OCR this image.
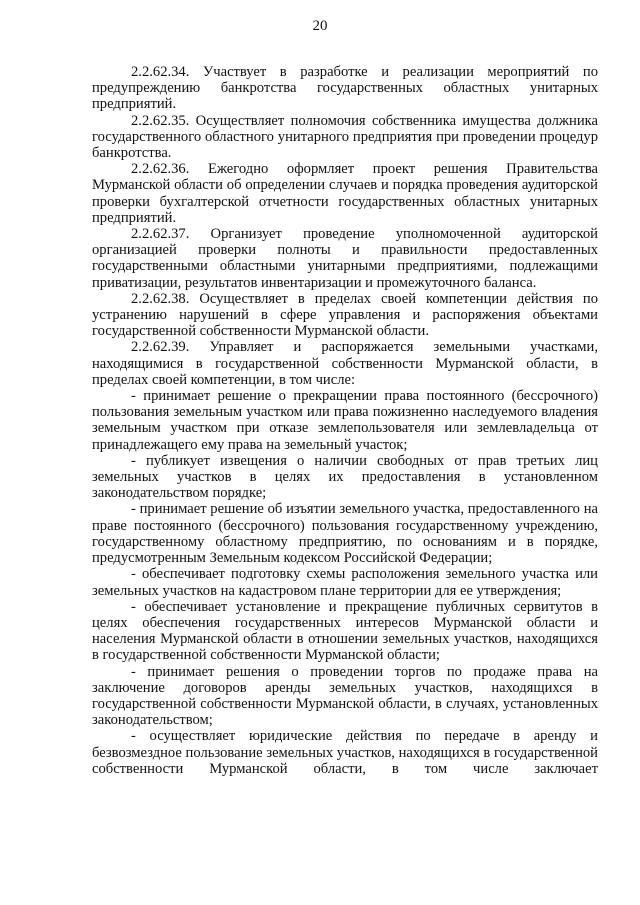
20

2.2.62.34. Участвует в разработке и реализации мероприятий по предупреждению банкротства государственных областных унитарных предприятий.

2.2.62.35. Осуществляет полномочия собственника имущества должника государственного областного унитарного предприятия при проведении процедур банкротства.

2.2.62.36. Ежегодно оформляет проект решения Правительства Мурманской области об определении случаев и порядка проведения аудиторской проверки бухгалтерской отчетности государственных областных унитарных предприятий.

2.2.62.37. Организует проведение уполномоченной аудиторской организацией проверки полноты и правильности предоставленных государственными областными унитарными предприятиями, подлежащими приватизации, результатов инвентаризации и промежуточного баланса.

2.2.62.38. Осуществляет в пределах своей компетенции действия по устранению нарушений в сфере управления и распоряжения объектами государственной собственности Мурманской области.

2.2.62.39. Управляет и распоряжается земельными участками, находящимися в государственной собственности Мурманской области, в пределах своей компетенции, в том числе:

- принимает решение о прекращении права постоянного (бессрочного) пользования земельным участком или права пожизненно наследуемого владения земельным участком при отказе землепользователя или землевладельца от принадлежащего ему права на земельный участок;

- публикует извещения о наличии свободных от прав третьих лиц земельных участков в целях их предоставления в установленном законодательством порядке;

- принимает решение об изъятии земельного участка, предоставленного на праве постоянного (бессрочного) пользования государственному учреждению, государственному областному предприятию, по основаниям и в порядке, предусмотренным Земельным кодексом Российской Федерации;

- обеспечивает подготовку схемы расположения земельного участка или земельных участков на кадастровом плане территории для ее утверждения;

- обеспечивает установление и прекращение публичных сервитутов в целях обеспечения государственных интересов Мурманской области и населения Мурманской области в отношении земельных участков, находящихся в государственной собственности Мурманской области;

- принимает решения о проведении торгов по продаже права на заключение договоров аренды земельных участков, находящихся в государственной собственности Мурманской области, в случаях, установленных законодательством;

- осуществляет юридические действия по передаче в аренду и безвозмездное пользование земельных участков, находящихся в государственной собственности Мурманской области, в том числе заключает
